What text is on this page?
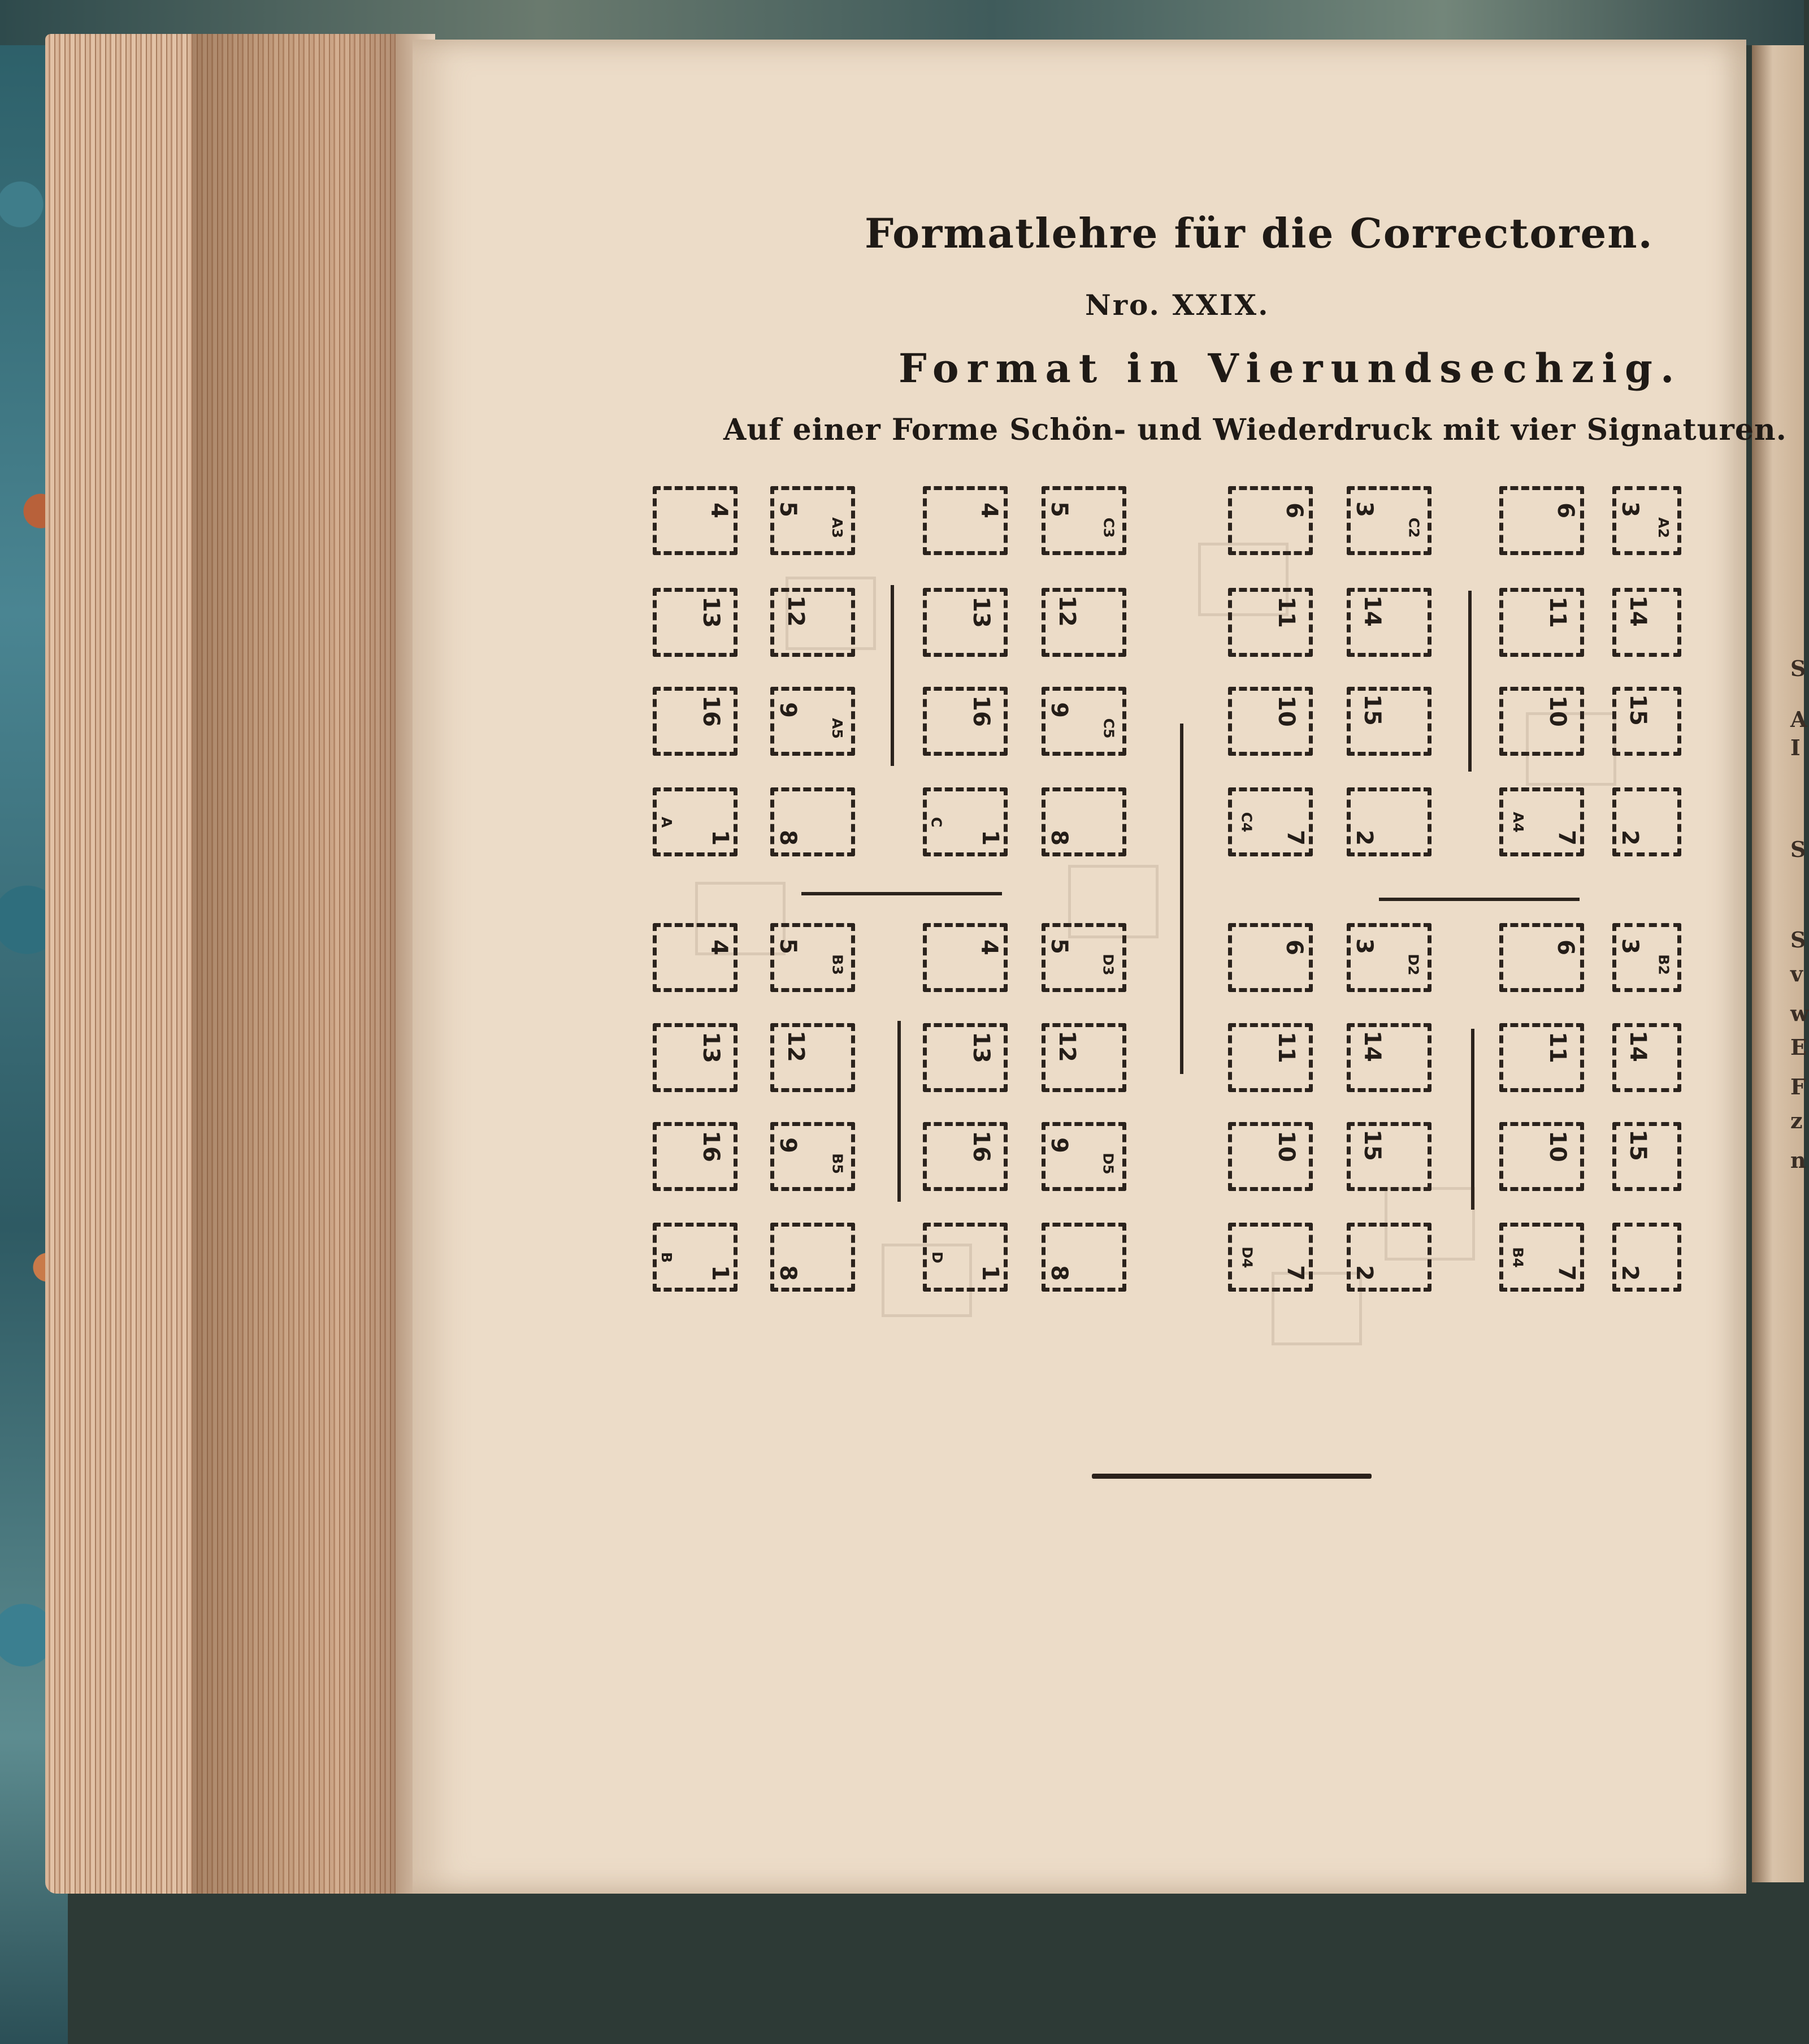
Formatlehre für die Correctoren.
Nro. XXIX.
Format in Vierundsechzig.
Auf einer Forme Schön- und Wiederdruck mit vier Signaturen.
4
13
16
1
A
4
13
16
1
B
5
A3
12
9
A5
8
5
B3
12
9
B5
8
4
13
16
1
C
4
13
16
1
D
5
C3
12
9
C5
8
5
D3
12
9
D5
8
6
11
10
7
C4
6
11
10
7
D4
3
C2
14
15
2
3
D2
14
15
2
6
11
10
7
A4
6
11
10
7
B4
3
A2
14
15
2
3
B2
14
15
2
S
A
I
S
S
v
w
E
F
z
n
